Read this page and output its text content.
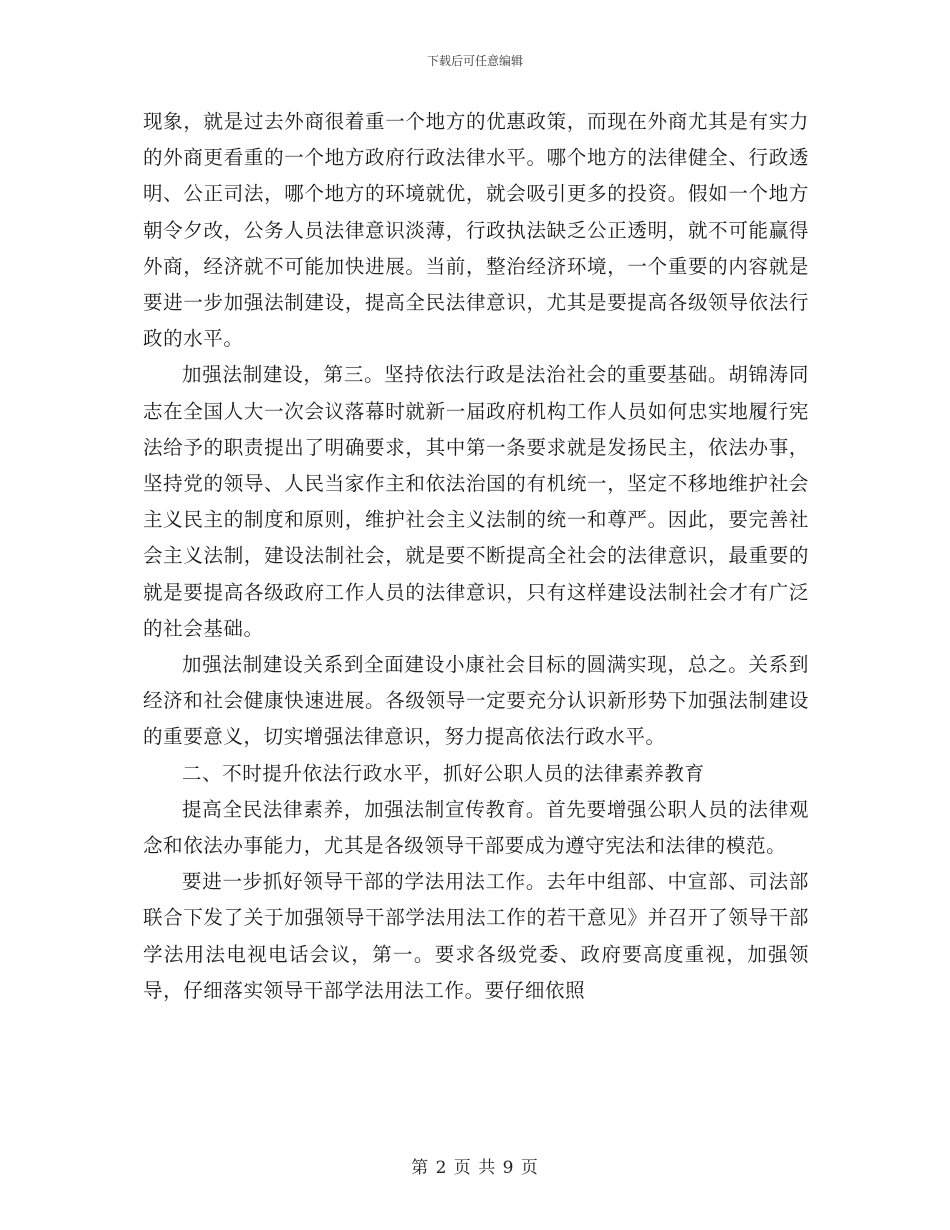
下载后可任意编辑

现象，就是过去外商很着重一个地方的优惠政策，而现在外商尤其是有实力的外商更看重的一个地方政府行政法律水平。哪个地方的法律健全、行政透明、公正司法，哪个地方的环境就优，就会吸引更多的投资。假如一个地方朝令夕改，公务人员法律意识淡薄，行政执法缺乏公正透明，就不可能赢得外商，经济就不可能加快进展。当前，整治经济环境，一个重要的内容就是要进一步加强法制建设，提高全民法律意识，尤其是要提高各级领导依法行政的水平。

加强法制建设，第三。坚持依法行政是法治社会的重要基础。胡锦涛同志在全国人大一次会议落幕时就新一届政府机构工作人员如何忠实地履行宪法给予的职责提出了明确要求，其中第一条要求就是发扬民主，依法办事，坚持党的领导、人民当家作主和依法治国的有机统一，坚定不移地维护社会主义民主的制度和原则，维护社会主义法制的统一和尊严。因此，要完善社会主义法制，建设法制社会，就是要不断提高全社会的法律意识，最重要的就是要提高各级政府工作人员的法律意识，只有这样建设法制社会才有广泛的社会基础。

加强法制建设关系到全面建设小康社会目标的圆满实现，总之。关系到经济和社会健康快速进展。各级领导一定要充分认识新形势下加强法制建设的重要意义，切实增强法律意识，努力提高依法行政水平。

二、不时提升依法行政水平，抓好公职人员的法律素养教育

提高全民法律素养，加强法制宣传教育。首先要增强公职人员的法律观念和依法办事能力，尤其是各级领导干部要成为遵守宪法和法律的模范。

要进一步抓好领导干部的学法用法工作。去年中组部、中宣部、司法部联合下发了关于加强领导干部学法用法工作的若干意见》并召开了领导干部学法用法电视电话会议，第一。要求各级党委、政府要高度重视，加强领导，仔细落实领导干部学法用法工作。要仔细依照

第 2 页 共 9 页
